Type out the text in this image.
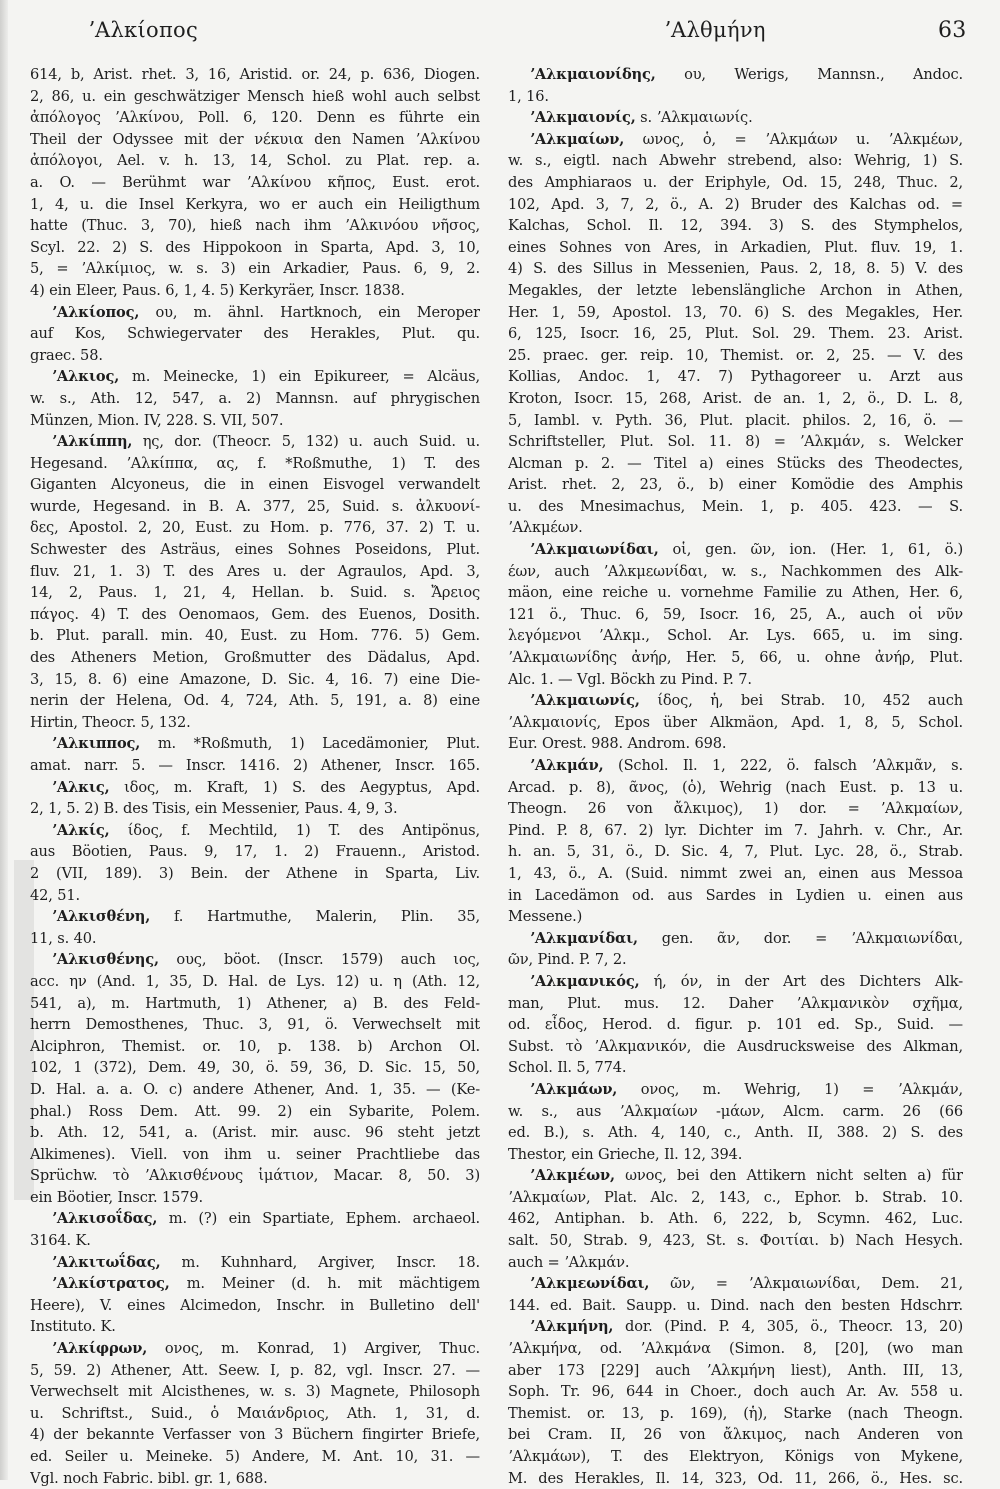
ʼΑλκίοπος	ʼΑλθμήνη	63
614, b, Arist. rhet. 3, 16, Aristid. or. 24, p. 636, Diogen.
2, 86, u. ein geschwätziger Mensch hieß wohl auch selbst
ἀπόλογος ʼΑλκίνου, Poll. 6, 120. Denn es führte ein
Theil der Odyssee mit der νέκυια den Namen ʼΑλκίνου
ἀπόλογοι, Ael. v. h. 13, 14, Schol. zu Plat. rep. a.
a. O. — Berühmt war ʼΑλκίνου κῆπος, Eust. erot.
1, 4, u. die Insel Kerkyra, wo er auch ein Heiligthum
hatte (Thuc. 3, 70), hieß nach ihm ʼΑλκινόου νῆσος,
Scyl. 22. 2) S. des Hippokoon in Sparta, Apd. 3, 10,
5, = ʼΑλκίμιος, w. s. 3) ein Arkadier, Paus. 6, 9, 2.
4) ein Eleer, Paus. 6, 1, 4. 5) Kerkyräer, Inscr. 1838.
ʼΑλκίοπος, ου, m. ähnl. Hartknoch, ein Meroper
auf Kos, Schwiegervater des Herakles, Plut. qu.
graec. 58.
ʼΑλκιος, m. Meinecke, 1) ein Epikureer, = Alcäus,
w. s., Ath. 12, 547, a. 2) Mannsn. auf phrygischen
Münzen, Mion. IV, 228. S. VII, 507.
ʼΑλκίππη, ης, dor. (Theocr. 5, 132) u. auch Suid. u.
Hegesand. ʼΑλκίππα, ας, f. *Roßmuthe, 1) T. des
Giganten Alcyoneus, die in einen Eisvogel verwandelt
wurde, Hegesand. in B. A. 377, 25, Suid. s. ἀλκυονί-
δες, Apostol. 2, 20, Eust. zu Hom. p. 776, 37. 2) T. u.
Schwester des Asträus, eines Sohnes Poseidons, Plut.
fluv. 21, 1. 3) T. des Ares u. der Agraulos, Apd. 3,
14, 2, Paus. 1, 21, 4, Hellan. b. Suid. s. Ἄρειος
πάγος. 4) T. des Oenomaos, Gem. des Euenos, Dosith.
b. Plut. parall. min. 40, Eust. zu Hom. 776. 5) Gem.
des Atheners Metion, Großmutter des Dädalus, Apd.
3, 15, 8. 6) eine Amazone, D. Sic. 4, 16. 7) eine Die-
nerin der Helena, Od. 4, 724, Ath. 5, 191, a. 8) eine
Hirtin, Theocr. 5, 132.
ʼΑλκιππος, m. *Roßmuth, 1) Lacedämonier, Plut.
amat. narr. 5. — Inscr. 1416. 2) Athener, Inscr. 165.
ʼΑλκις, ιδος, m. Kraft, 1) S. des Aegyptus, Apd.
2, 1, 5. 2) B. des Tisis, ein Messenier, Paus. 4, 9, 3.
ʼΑλκίς, ίδος, f. Mechtild, 1) T. des Antipönus,
aus Böotien, Paus. 9, 17, 1. 2) Frauenn., Aristod.
2 (VII, 189). 3) Bein. der Athene in Sparta, Liv.
42, 51.
ʼΑλκισθένη, f. Hartmuthe, Malerin, Plin. 35,
11, s. 40.
ʼΑλκισθένης, ους, böot. (Inscr. 1579) auch ιος,
acc. ην (And. 1, 35, D. Hal. de Lys. 12) u. η (Ath. 12,
541, a), m. Hartmuth, 1) Athener, a) B. des Feld-
herrn Demosthenes, Thuc. 3, 91, ö. Verwechselt mit
Alciphron, Themist. or. 10, p. 138. b) Archon Ol.
102, 1 (372), Dem. 49, 30, ö. 59, 36, D. Sic. 15, 50,
D. Hal. a. a. O. c) andere Athener, And. 1, 35. — (Ke-
phal.) Ross Dem. Att. 99. 2) ein Sybarite, Polem.
b. Ath. 12, 541, a. (Arist. mir. ausc. 96 steht jetzt
Alkimenes). Viell. von ihm u. seiner Prachtliebe das
Sprüchw. τὸ ʼΑλκισθένους ἱμάτιον, Macar. 8, 50. 3)
ein Böotier, Inscr. 1579.
ʼΑλκισοΐδας, m. (?) ein Spartiate, Ephem. archaeol.
3164. K.
ʼΑλκιτωΐδας, m. Kuhnhard, Argiver, Inscr. 18.
ʼΑλκίστρατος, m. Meiner (d. h. mit mächtigem
Heere), V. eines Alcimedon, Inschr. in Bulletino dell'
Instituto. K.
ʼΑλκίφρων, ονος, m. Konrad, 1) Argiver, Thuc.
5, 59. 2) Athener, Att. Seew. I, p. 82, vgl. Inscr. 27. —
Verwechselt mit Alcisthenes, w. s. 3) Magnete, Philosoph
u. Schriftst., Suid., ὁ Μαιάνδριος, Ath. 1, 31, d.
4) der bekannte Verfasser von 3 Büchern fingirter Briefe,
ed. Seiler u. Meineke. 5) Andere, M. Ant. 10, 31. —
Vgl. noch Fabric. bibl. gr. 1, 688.
ʼΑλκμαιονίδης, ου, Werigs, Mannsn., Andoc.
1, 16.
ʼΑλκμαιονίς, s. ʼΑλκμαιωνίς.
ʼΑλκμαίων, ωνος, ὁ, = ʼΑλκμάων u. ʼΑλκμέων,
w. s., eigtl. nach Abwehr strebend, also: Wehrig, 1) S.
des Amphiaraos u. der Eriphyle, Od. 15, 248, Thuc. 2,
102, Apd. 3, 7, 2, ö., A. 2) Bruder des Kalchas od. =
Kalchas, Schol. Il. 12, 394. 3) S. des Stymphelos,
eines Sohnes von Ares, in Arkadien, Plut. fluv. 19, 1.
4) S. des Sillus in Messenien, Paus. 2, 18, 8. 5) V. des
Megakles, der letzte lebenslängliche Archon in Athen,
Her. 1, 59, Apostol. 13, 70. 6) S. des Megakles, Her.
6, 125, Isocr. 16, 25, Plut. Sol. 29. Them. 23. Arist.
25. praec. ger. reip. 10, Themist. or. 2, 25. — V. des
Kollias, Andoc. 1, 47. 7) Pythagoreer u. Arzt aus
Kroton, Isocr. 15, 268, Arist. de an. 1, 2, ö., D. L. 8,
5, Iambl. v. Pyth. 36, Plut. placit. philos. 2, 16, ö. —
Schriftsteller, Plut. Sol. 11. 8) = ʼΑλκμάν, s. Welcker
Alcman p. 2. — Titel a) eines Stücks des Theodectes,
Arist. rhet. 2, 23, ö., b) einer Komödie des Amphis
u. des Mnesimachus, Mein. 1, p. 405. 423. — S.
ʼΑλκμέων.
ʼΑλκμαιωνίδαι, οἱ, gen. ῶν, ion. (Her. 1, 61, ö.)
έων, auch ʼΑλκμεωνίδαι, w. s., Nachkommen des Alk-
mäon, eine reiche u. vornehme Familie zu Athen, Her. 6,
121 ö., Thuc. 6, 59, Isocr. 16, 25, A., auch οἱ νῦν
λεγόμενοι ʼΑλκμ., Schol. Ar. Lys. 665, u. im sing.
ʼΑλκμαιωνίδης ἀνήρ, Her. 5, 66, u. ohne ἀνήρ, Plut.
Alc. 1. — Vgl. Böckh zu Pind. P. 7.
ʼΑλκμαιωνίς, ίδος, ἡ, bei Strab. 10, 452 auch
ʼΑλκμαιονίς, Epos über Alkmäon, Apd. 1, 8, 5, Schol.
Eur. Orest. 988. Androm. 698.
ʼΑλκμάν, (Schol. Il. 1, 222, ö. falsch ʼΑλκμᾶν, s.
Arcad. p. 8), ᾶνος, (ὁ), Wehrig (nach Eust. p. 13 u.
Theogn. 26 von ἄλκιμος), 1) dor. = ʼΑλκμαίων,
Pind. P. 8, 67. 2) lyr. Dichter im 7. Jahrh. v. Chr., Ar.
h. an. 5, 31, ö., D. Sic. 4, 7, Plut. Lyc. 28, ö., Strab.
1, 43, ö., A. (Suid. nimmt zwei an, einen aus Messoa
in Lacedämon od. aus Sardes in Lydien u. einen aus
Messene.)
ʼΑλκμανίδαι, gen. ᾶν, dor. = ʼΑλκμαιωνίδαι,
ῶν, Pind. P. 7, 2.
ʼΑλκμανικός, ή, όν, in der Art des Dichters Alk-
man, Plut. mus. 12. Daher ʼΑλκμανικὸν σχῆμα,
od. εἶδος, Herod. d. figur. p. 101 ed. Sp., Suid. —
Subst. τὸ ʼΑλκμανικόν, die Ausdrucksweise des Alkman,
Schol. Il. 5, 774.
ʼΑλκμάων, ονος, m. Wehrig, 1) = ʼΑλκμάν,
w. s., aus ʼΑλκμαίων -μάων, Alcm. carm. 26 (66
ed. B.), s. Ath. 4, 140, c., Anth. II, 388. 2) S. des
Thestor, ein Grieche, Il. 12, 394.
ʼΑλκμέων, ωνος, bei den Attikern nicht selten a) für
ʼΑλκμαίων, Plat. Alc. 2, 143, c., Ephor. b. Strab. 10.
462, Antiphan. b. Ath. 6, 222, b, Scymn. 462, Luc.
salt. 50, Strab. 9, 423, St. s. Φοιτίαι. b) Nach Hesych.
auch = ʼΑλκμάν.
ʼΑλκμεωνίδαι, ῶν, = ʼΑλκμαιωνίδαι, Dem. 21,
144. ed. Bait. Saupp. u. Dind. nach den besten Hdschrr.
ʼΑλκμήνη, dor. (Pind. P. 4, 305, ö., Theocr. 13, 20)
ʼΑλκμήνα, od. ʼΑλκμάνα (Simon. 8, [20], (wo man
aber 173 [229] auch ʼΑλκμήνη liest), Anth. III, 13,
Soph. Tr. 96, 644 in Choer., doch auch Ar. Av. 558 u.
Themist. or. 13, p. 169), (ἡ), Starke (nach Theogn.
bei Cram. II, 26 von ἄλκιμος, nach Anderen von
ʼΑλκμάων), T. des Elektryon, Königs von Mykene,
M. des Herakles, Il. 14, 323, Od. 11, 266, ö., Hes. sc.
